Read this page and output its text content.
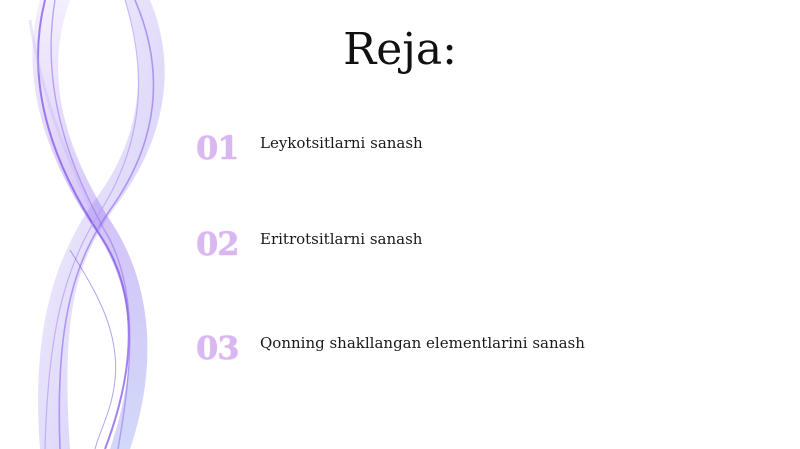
Reja:
01	Leykotsitlarni sanash
02	Eritrotsitlarni sanash
03	Qonning shakllangan elementlarini sanash
